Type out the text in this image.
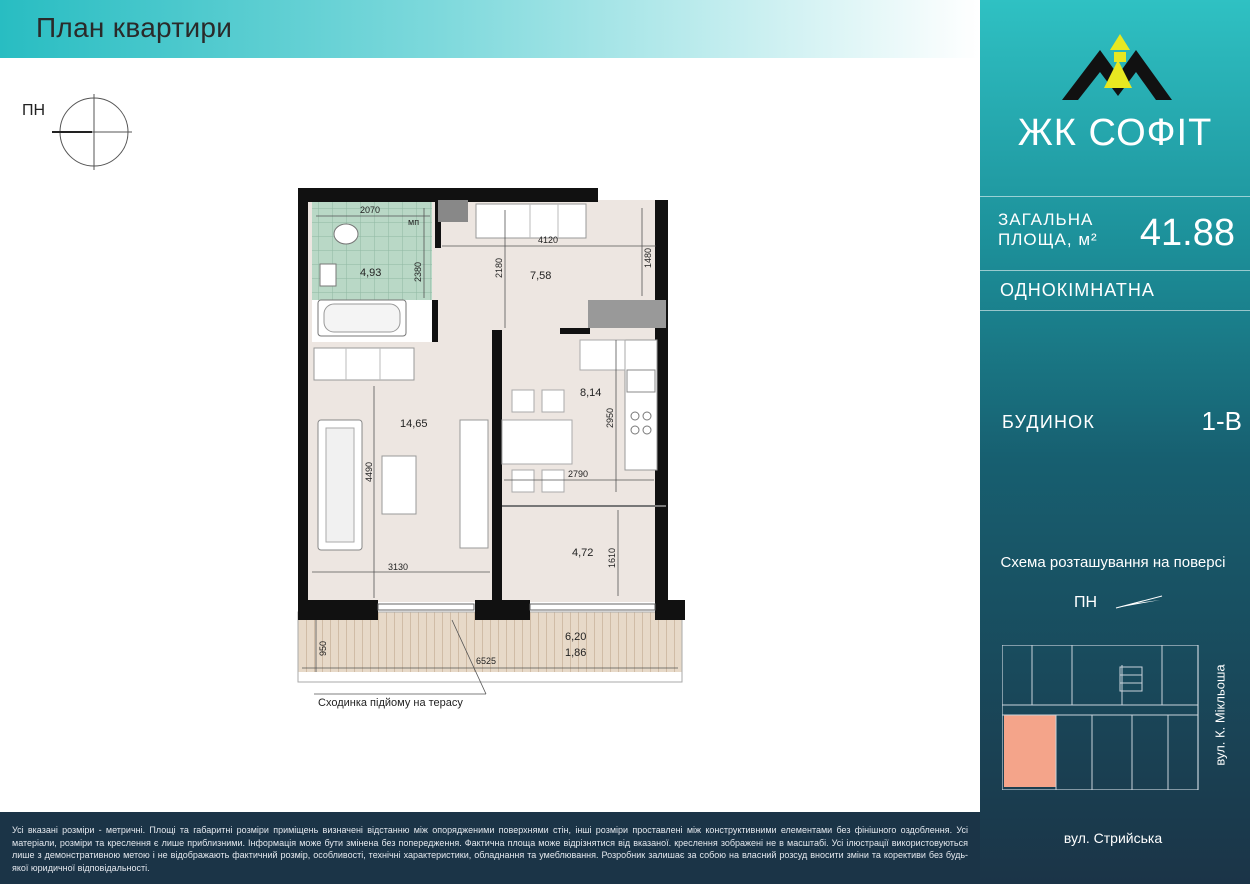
План квартири
ПН
4,93	7,58
14,65
8,14
4,72
6,20
1,86
2070
мп
4120
6525
3130
2790
2380	2180	1480
4490
2950
1610
950
Сходинка підйому на терасу
ЖК СОФІТ
ЗАГАЛЬНА
ПЛОЩА, м² 41.88
ОДНОКІМНАТНА
БУДИНОК	1-В
Схема розташування на поверсі
ПН
вул. К. Мікльоша
вул. Стрийська
Усі вказані розміри - метричні. Площі та габаритні розміри приміщень визначені відстанню між опорядженими поверхнями стін, інші розміри проставлені між конструктивними елементами без фінішного оздоблення. Усі матеріали, розміри та креслення є лише приблизними. Інформація може бути змінена без попередження. Фактична площа може відрізнятися від вказаної. креслення зображені не в масштабі. Усі ілюстрації використовуються лише з демонстративною метою і не відображають фактичний розмір, особливості, технічні характеристики, обладнання та умеблювання. Розробник залишає за собою на власний розсуд вносити зміни та корективи без будь-якої юридичної відповідальності.
